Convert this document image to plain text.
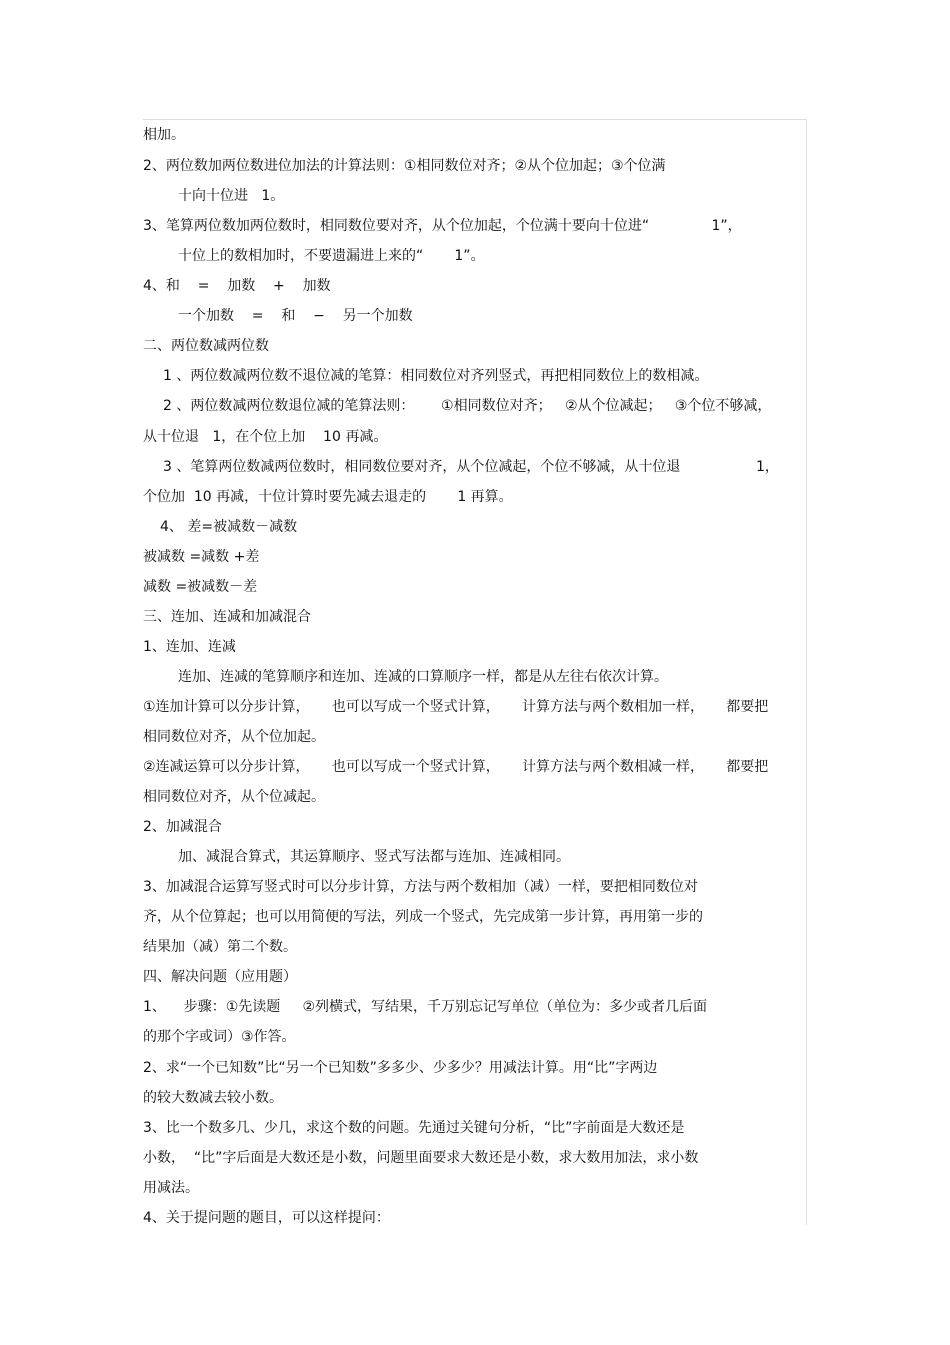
相加。

2、两位数加两位数进位加法的计算法则：①相同数位对齐；②从个位加起；③个位满

十向十位进   1。

3、笔算两位数加两位数时，相同数位要对齐，从个位加起，个位满十要向十位进“              1”，

十位上的数相加时，不要遗漏进上来的“       1”。

4、和    =    加数    +    加数

一个加数    =    和    −    另一个加数

二、两位数减两位数

1 、两位数减两位数不退位减的笔算：相同数位对齐列竖式，再把相同数位上的数相减。

2 、两位数减两位数退位减的笔算法则：      ①相同数位对齐；   ②从个位减起；   ③个位不够减，

从十位退   1，在个位上加    10 再减。

3 、笔算两位数减两位数时，相同数位要对齐，从个位减起，个位不够减，从十位退                 1，

个位加  10 再减，十位计算时要先减去退走的       1 再算。

4、 差=被减数－减数

被减数 =减数 +差

减数 =被减数－差

三、连加、连减和加减混合

1、连加、连减

连加、连减的笔算顺序和连加、连减的口算顺序一样，都是从左往右依次计算。

①连加计算可以分步计算，     也可以写成一个竖式计算，     计算方法与两个数相加一样，     都要把

相同数位对齐，从个位加起。

②连减运算可以分步计算，     也可以写成一个竖式计算，     计算方法与两个数相减一样，     都要把

相同数位对齐，从个位减起。

2、加减混合

加、减混合算式，其运算顺序、竖式写法都与连加、连减相同。

3、加减混合运算写竖式时可以分步计算，方法与两个数相加（减）一样，要把相同数位对

齐，从个位算起；也可以用简便的写法，列成一个竖式，先完成第一步计算，再用第一步的

结果加（减）第二个数。

四、解决问题（应用题）

1、    步骤：①先读题     ②列横式，写结果，千万别忘记写单位（单位为：多少或者几后面

的那个字或词）③作答。

2、求“一个已知数”比“另一个已知数”多多少、少多少？用减法计算。用“比”字两边

的较大数减去较小数。

3、比一个数多几、少几，求这个数的问题。先通过关键句分析，“比”字前面是大数还是

小数，  “比”字后面是大数还是小数，问题里面要求大数还是小数，求大数用加法，求小数

用减法。

4、关于提问题的题目，可以这样提问：
